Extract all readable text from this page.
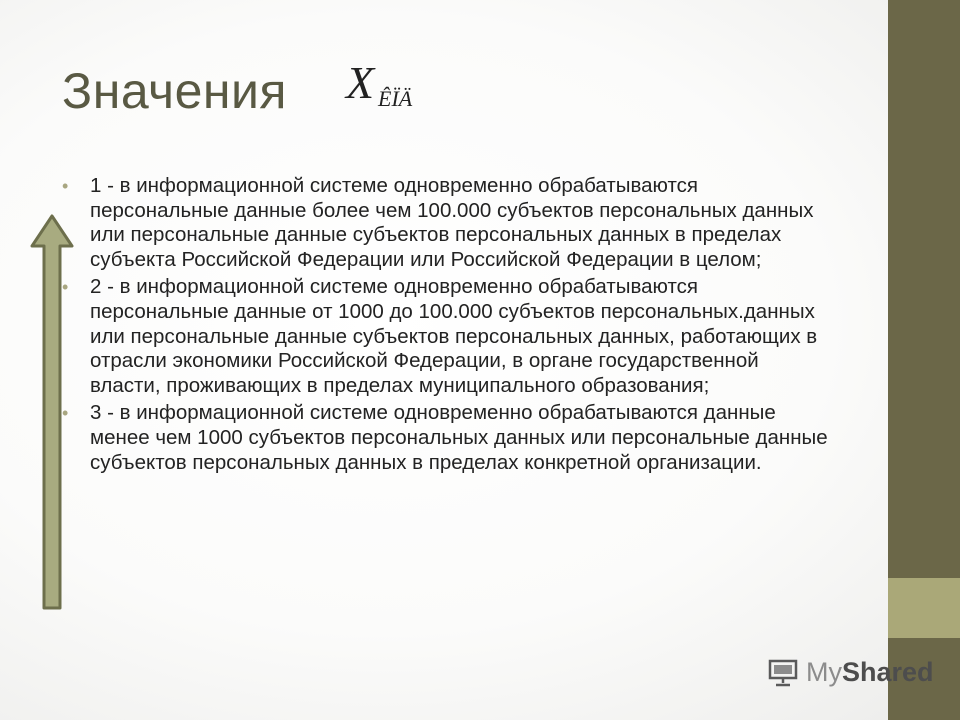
Значения X ÊÏÄ
• 1 - в информационной системе одновременно обрабатываются персональные данные более чем 100.000 субъектов персональных данных или персональные данные субъектов персональных данных в пределах субъекта Российской Федерации или Российской Федерации в целом;
• 2 - в информационной системе одновременно обрабатываются персональные данные от 1000 до 100.000 субъектов персональных.данных или персональные данные субъектов персональных данных, работающих в отрасли экономики Российской Федерации, в органе государственной власти, проживающих в пределах муниципального образования;
• 3 - в информационной системе одновременно обрабатываются данные менее чем 1000 субъектов персональных данных или персональные данные субъектов персональных данных в пределах конкретной организации.
MyShared
